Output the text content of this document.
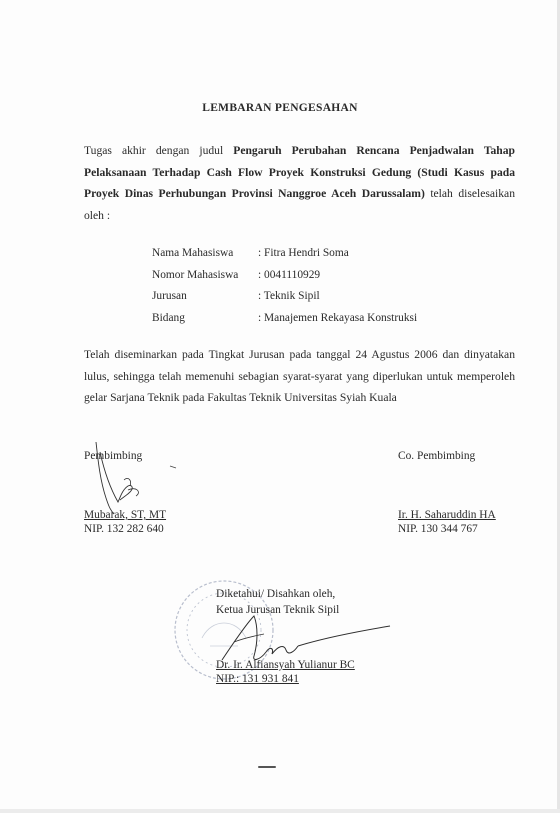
LEMBARAN PENGESAHAN
Tugas akhir dengan judul Pengaruh Perubahan Rencana Penjadwalan Tahap Pelaksanaan Terhadap Cash Flow Proyek Konstruksi Gedung (Studi Kasus pada Proyek Dinas Perhubungan Provinsi Nanggroe Aceh Darussalam) telah diselesaikan oleh :
Nama Mahasiswa	: Fitra Hendri Soma
Nomor Mahasiswa	: 0041110929
Jurusan	: Teknik Sipil
Bidang	: Manajemen Rekayasa Konstruksi
Telah diseminarkan pada Tingkat Jurusan pada tanggal 24 Agustus 2006 dan dinyatakan lulus, sehingga telah memenuhi sebagian syarat-syarat yang diperlukan untuk memperoleh gelar Sarjana Teknik pada Fakultas Teknik Universitas Syiah Kuala
Pembimbing
Mubarak, ST, MT
NIP. 132 282 640
Co. Pembimbing
Ir. H. Saharuddin HA
NIP. 130 344 767
Diketahui/ Disahkan oleh,
Ketua Jurusan Teknik Sipil
Dr. Ir. Alfiansyah Yulianur BC
NIP.: 131 931 841
